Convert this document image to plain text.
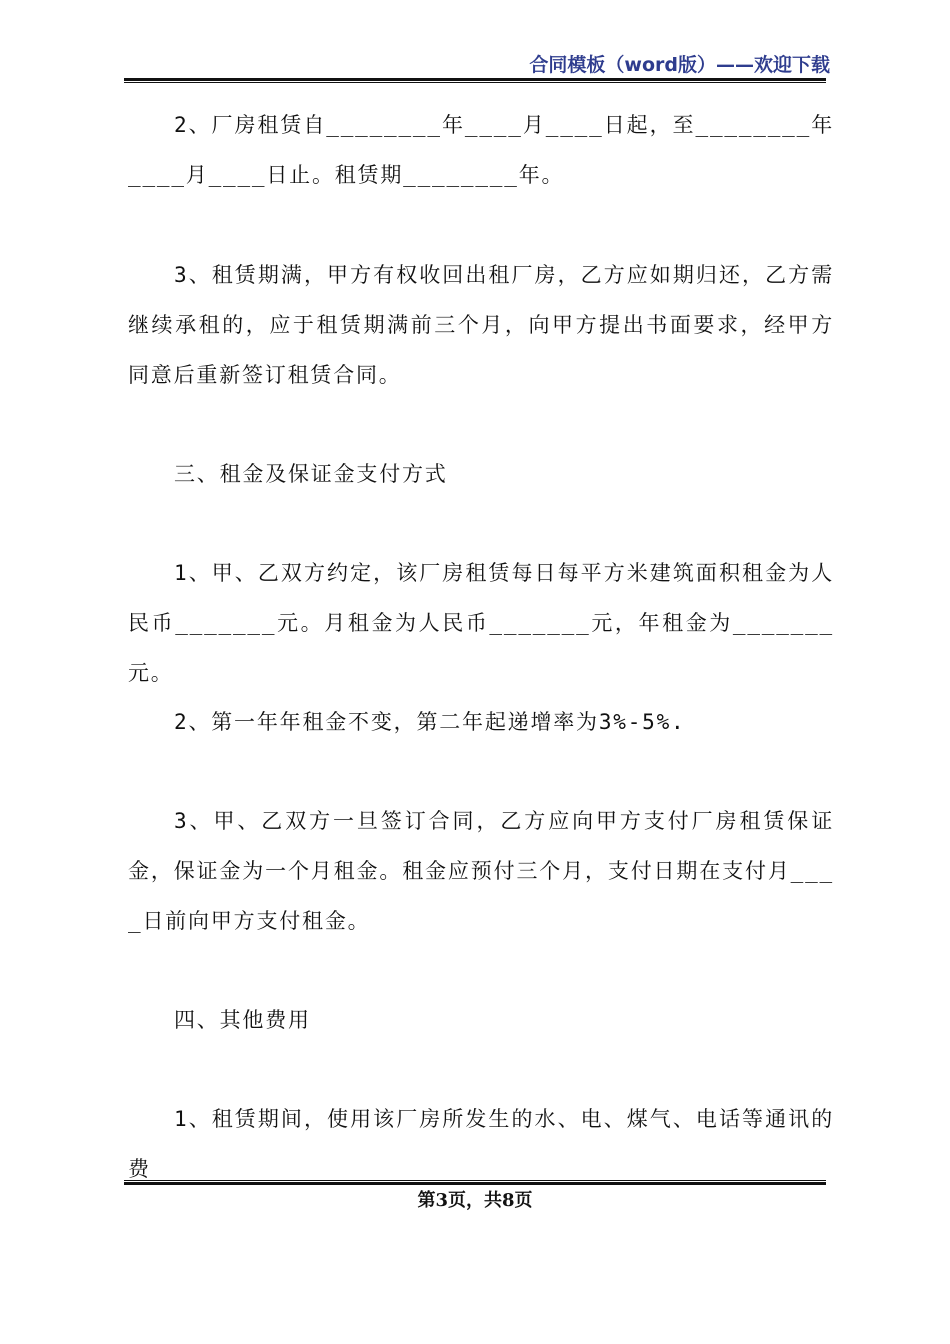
合同模板（word版）——欢迎下载

2、厂房租赁自________年____月____日起，至________年____月____日止。租赁期________年。

3、租赁期满，甲方有权收回出租厂房，乙方应如期归还，乙方需继续承租的，应于租赁期满前三个月，向甲方提出书面要求，经甲方同意后重新签订租赁合同。

三、租金及保证金支付方式

1、甲、乙双方约定，该厂房租赁每日每平方米建筑面积租金为人民币_______元。月租金为人民币_______元，年租金为_______元。

2、第一年年租金不变，第二年起递增率为3%-5%.

3、甲、乙双方一旦签订合同，乙方应向甲方支付厂房租赁保证金，保证金为一个月租金。租金应预付三个月，支付日期在支付月____日前向甲方支付租金。

四、其他费用

1、租赁期间，使用该厂房所发生的水、电、煤气、电话等通讯的费

第3页，共8页
